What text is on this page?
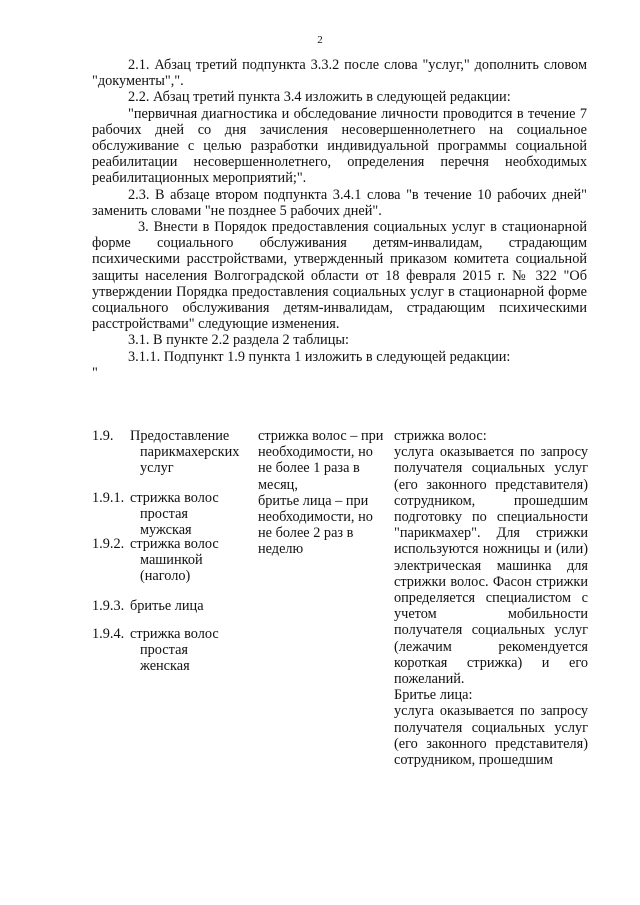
2

2.1. Абзац третий подпункта 3.3.2 после слова "услуг," дополнить словом "документы",".

2.2. Абзац третий пункта 3.4 изложить в следующей редакции:

"первичная диагностика и обследование личности проводится в течение 7 рабочих дней со дня зачисления несовершеннолетнего на социальное обслуживание с целью разработки индивидуальной программы социальной реабилитации несовершеннолетнего, определения перечня необходимых реабилитационных мероприятий;".

2.3. В абзаце втором подпункта 3.4.1 слова "в течение 10 рабочих дней" заменить словами "не позднее 5 рабочих дней".

3. Внести в Порядок предоставления социальных услуг в стационарной форме социального обслуживания детям-инвалидам, страдающим психическими расстройствами, утвержденный приказом комитета социальной защиты населения Волгоградской области от 18 февраля 2015 г. № 322 "Об утверждении Порядка предоставления социальных услуг в стационарной форме социального обслуживания детям-инвалидам, страдающим психическими расстройствами" следующие изменения.

3.1. В пункте 2.2 раздела 2 таблицы:

3.1.1. Подпункт 1.9 пункта 1 изложить в следующей редакции:

"

1.9.	Предоставление
парикмахерских услуг
1.9.1. стрижка волос
простая мужская
1.9.2. стрижка волос
машинкой (наголо)
1.9.3. бритье лица
1.9.4. стрижка волос
простая женская

стрижка волос – при необходимости, но не более 1 раза в месяц,

бритье лица – при необходимости, но не более 2 раз в неделю

стрижка волос:

услуга оказывается по запросу получателя социальных услуг (его законного представителя) сотрудником, прошедшим подготовку по специальности "парикмахер". Для стрижки используются ножницы и (или) электрическая машинка для стрижки волос. Фасон стрижки определяется специалистом с учетом мобильности получателя социальных услуг (лежачим рекомендуется короткая стрижка) и его пожеланий.

Бритье лица:

услуга оказывается по запросу получателя социальных услуг (его законного представителя) сотрудником, прошедшим
